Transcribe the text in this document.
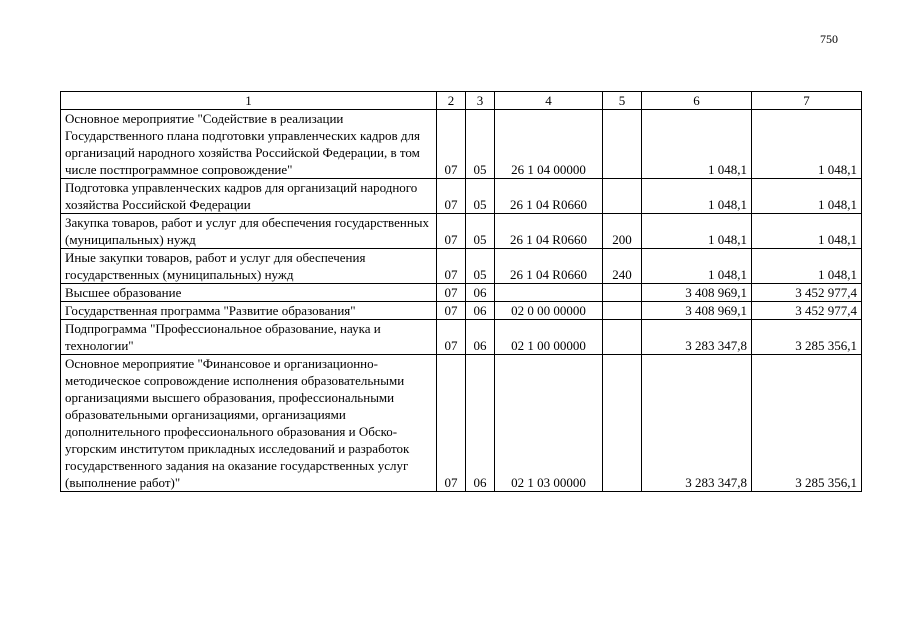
750
1	2	3	4	5	6	7
Основное мероприятие "Содействие в реализации Государственного плана подготовки управленческих кадров для организаций народного хозяйства Российской Федерации, в том числе постпрограммное сопровождение"	07	05	26 1 04 00000		1 048,1	1 048,1
Подготовка управленческих кадров для организаций народного хозяйства Российской Федерации	07	05	26 1 04 R0660		1 048,1	1 048,1
Закупка товаров, работ и услуг для обеспечения государственных (муниципальных) нужд	07	05	26 1 04 R0660	200	1 048,1	1 048,1
Иные закупки товаров, работ и услуг для обеспечения государственных (муниципальных) нужд	07	05	26 1 04 R0660	240	1 048,1	1 048,1
Высшее образование	07	06			3 408 969,1	3 452 977,4
Государственная программа "Развитие образования"	07	06	02 0 00 00000		3 408 969,1	3 452 977,4
Подпрограмма "Профессиональное образование, наука и технологии"	07	06	02 1 00 00000		3 283 347,8	3 285 356,1
Основное мероприятие "Финансовое и организационно-методическое сопровождение исполнения образовательными организациями высшего образования, профессиональными образовательными организациями, организациями дополнительного профессионального образования и Обско-угорским институтом прикладных исследований и разработок государственного задания на оказание государственных услуг (выполнение работ)"	07	06	02 1 03 00000		3 283 347,8	3 285 356,1
